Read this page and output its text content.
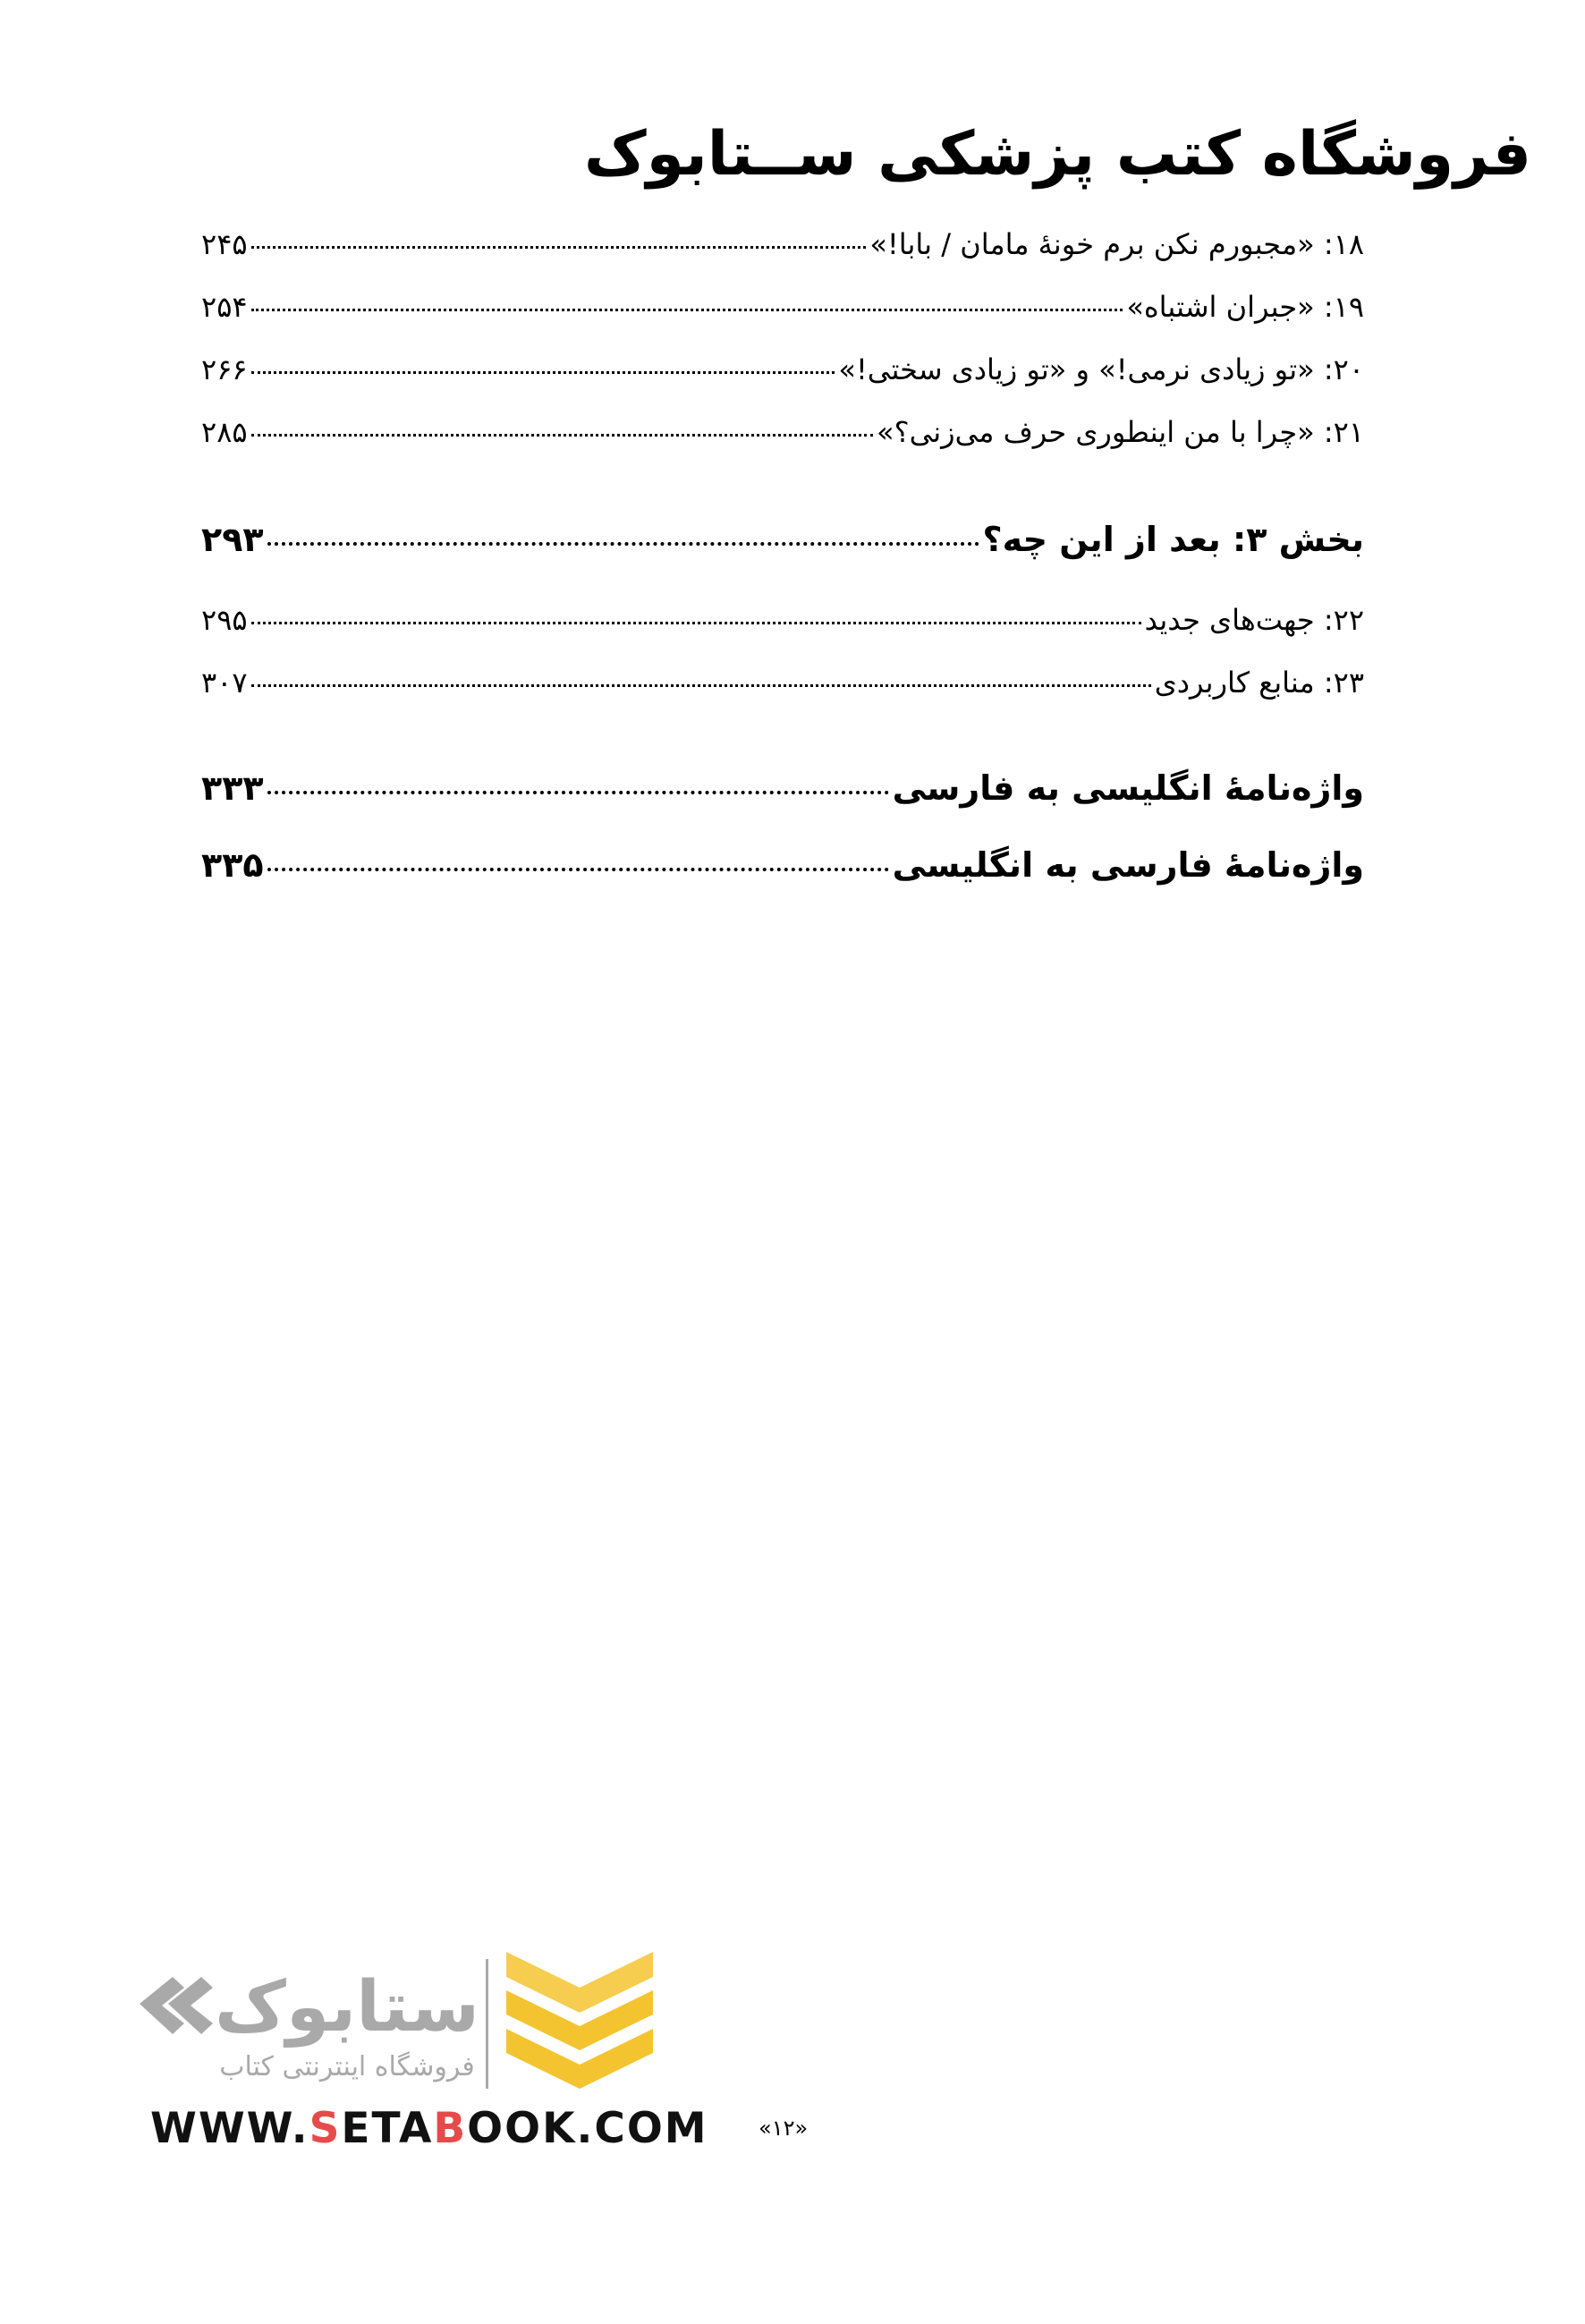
فروشگاه کتب پزشکی ســتابوک
۱۸: «مجبورم نکن برم خونهٔ مامان / بابا!»
۲۴۵
۱۹: «جبران اشتباه»
۲۵۴
۲۰: «تو زیادی نرمی!» و «تو زیادی سختی!»
۲۶۶
۲۱: «چرا با من اینطوری حرف می‌زنی؟»
۲۸۵
بخش ۳: بعد از این چه؟
۲۹۳
۲۲: جهت‌های جدید
۲۹۵
۲۳: منابع کاربردی
۳۰۷
واژه‌نامهٔ انگلیسی به فارسی
۳۳۳
واژه‌نامهٔ فارسی به انگلیسی
۳۳۵
ستابوک
فروشگاه اینترنتی کتاب

WWW.SETABOOK.COM «۱۲»
